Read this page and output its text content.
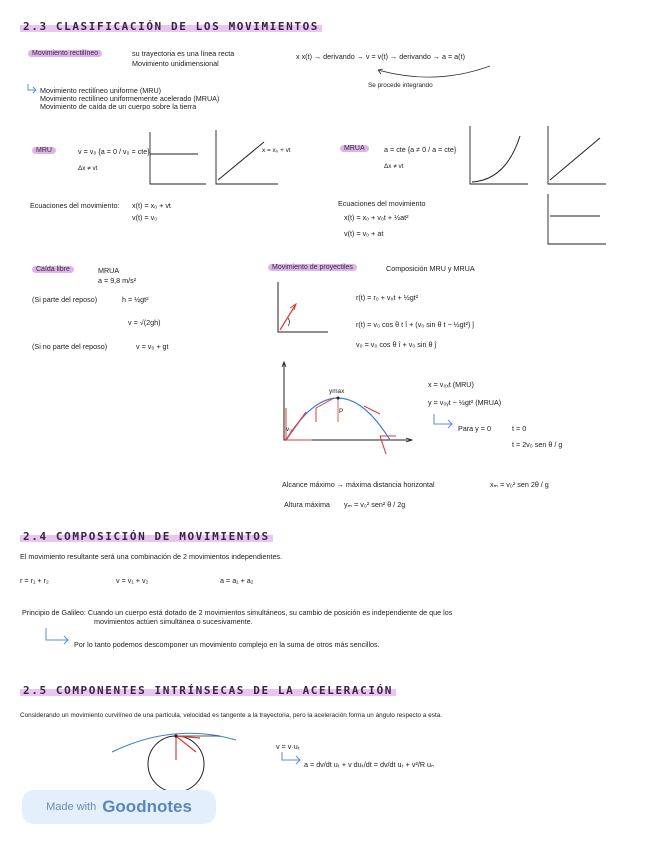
2.3 CLASIFICACIÓN DE LOS MOVIMIENTOS
Movimiento rectilíneo	su trayectoria es una línea recta
Movimiento unidimensional
x x(t) → derivando → v = v(t) → derivando → a = a(t)
Se procede integrando
Movimiento rectilíneo uniforme (MRU)
Movimiento rectilíneo uniformemente acelerado (MRUA)
Movimiento de caída de un cuerpo sobre la tierra
MRU	v = v₀ {a = 0 / v₀ = cte}
Δx ≠ vt
x = x₀ + vt
Ecuaciones del movimiento: x(t) = x₀ + vt
v(t) = v₀
MRUA	a = cte {a ≠ 0 / a = cte}
Δx ≠ vt
Ecuaciones del movimiento
x(t) = x₀ + v₀t + ½at²
v(t) = v₀ + at
Caída libre	MRUA
a = 9,8 m/s²
(Si parte del reposo)	h = ½gt²
v = √(2gh)
(Si no parte del reposo)	v = v₀ + gt
Movimiento de proyectiles	Composición MRU y MRUA
r(t) = r₀ + v₀t + ½gt²
r(t) = v₀ cos θ t î + (v₀ sin θ t − ½gt²) ĵ
v₀ = v₀ cos θ î + v₀ sin θ ĵ
ymax
P
v₀
x = v₀ₓt (MRU)
y = v₀ᵧt − ½gt² (MRUA)
Para y = 0	t = 0
t = 2v₀ sen θ / g
Alcance máximo → máxima distancia horizontal	xₘ = v₀² sen 2θ / g
Altura máxima yₘ = v₀² sen² θ / 2g
2.4 COMPOSICIÓN DE MOVIMIENTOS
El movimiento resultante será una combinación de 2 movimientos independientes.
r = r₁ + r₂	v = v₁ + v₂	a = a₁ + a₂
Principio de Galileo: Cuando un cuerpo está dotado de 2 movimientos simultáneos, su cambio de posición es independiente de que los
movimientos actúen simultánea o sucesivamente.
Por lo tanto podemos descomponer un movimiento complejo en la suma de otros más sencillos.
2.5 COMPONENTES INTRÍNSECAS DE LA ACELERACIÓN
Considerando un movimiento curvilíneo de una partícula, velocidad es tangente a la trayectoria, pero la aceleración forma un ángulo respecto a esta.
v = v·uₜ
a = dv/dt uₜ + v duₜ/dt = dv/dt uₜ + v²/R uₙ
Made with Goodnotes
